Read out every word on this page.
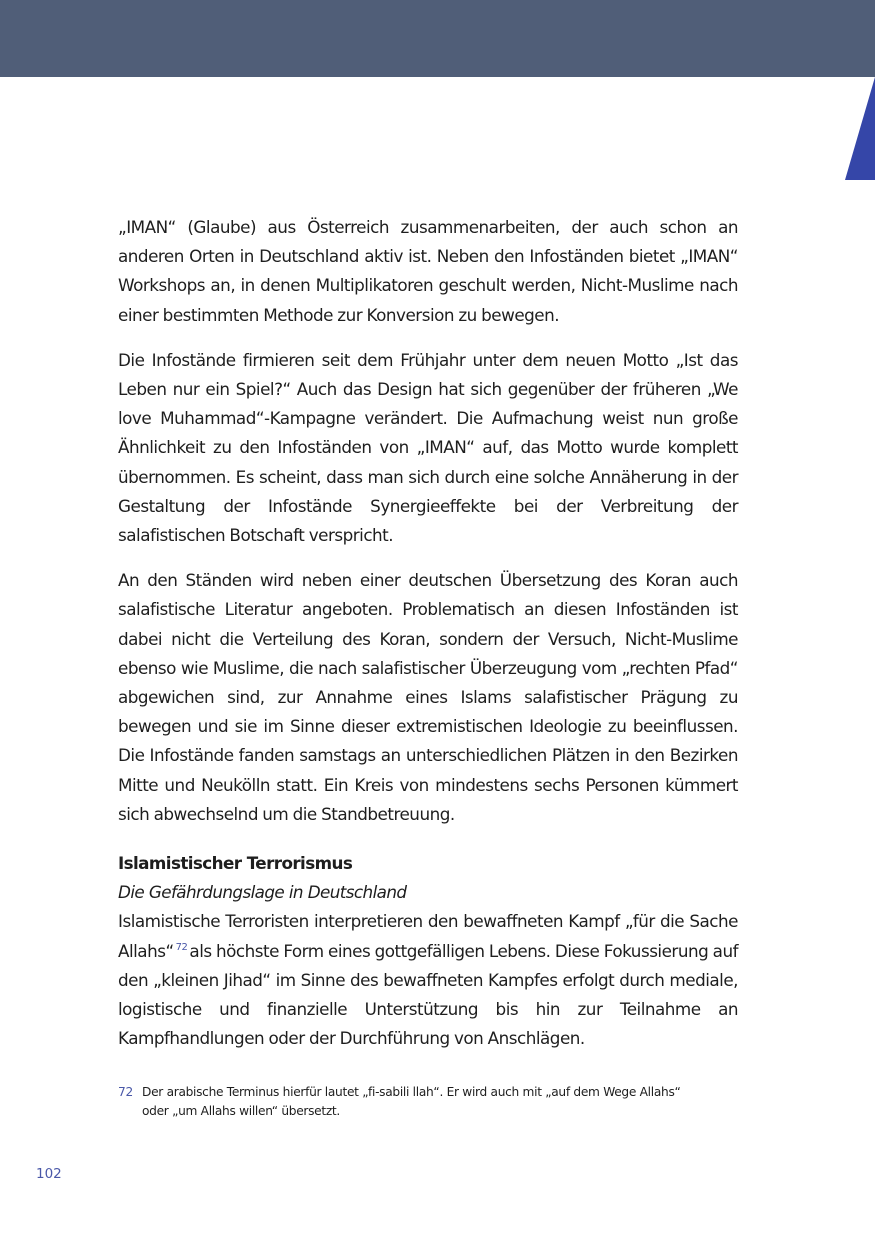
„IMAN“ (Glaube) aus Österreich zusammenarbeiten, der auch schon an anderen Orten in Deutschland aktiv ist. Neben den Infoständen bietet „IMAN“ Workshops an, in denen Multiplikatoren geschult werden, Nicht-Muslime nach einer bestimmten Methode zur Konversion zu bewegen.

Die Infostände firmieren seit dem Frühjahr unter dem neuen Motto „Ist das Leben nur ein Spiel?“ Auch das Design hat sich gegenüber der früheren „We love Muhammad“-Kampagne verändert. Die Aufmachung weist nun große Ähnlichkeit zu den Infoständen von „IMAN“ auf, das Motto wurde komplett übernommen. Es scheint, dass man sich durch eine solche Annäherung in der Gestaltung der Infostände Synergieeffekte bei der Verbreitung der salafistischen Botschaft verspricht.

An den Ständen wird neben einer deutschen Übersetzung des Koran auch salafistische Literatur angeboten. Problematisch an diesen Infoständen ist dabei nicht die Verteilung des Koran, sondern der Versuch, Nicht-Muslime ebenso wie Muslime, die nach salafistischer Überzeugung vom „rechten Pfad“ abgewichen sind, zur Annahme eines Islams salafistischer Prägung zu bewegen und sie im Sinne dieser extremistischen Ideologie zu beeinflussen. Die Infostände fanden samstags an unterschiedlichen Plätzen in den Bezirken Mitte und Neukölln statt. Ein Kreis von mindestens sechs Personen kümmert sich abwechselnd um die Standbetreuung.

Islamistischer Terrorismus
Die Gefährdungslage in Deutschland

Islamistische Terroristen interpretieren den bewaffneten Kampf „für die Sache Allahs“ $^{72}$ als höchste Form eines gottgefälligen Lebens. Diese Fokussierung auf den „kleinen Jihad“ im Sinne des bewaffneten Kampfes erfolgt durch mediale, logistische und finanzielle Unterstützung bis hin zur Teilnahme an Kampfhandlungen oder der Durchführung von Anschlägen.

72 Der arabische Terminus hierfür lautet „fi-sabili llah“. Er wird auch mit „auf dem Wege Allahs“
oder „um Allahs willen“ übersetzt.
102
